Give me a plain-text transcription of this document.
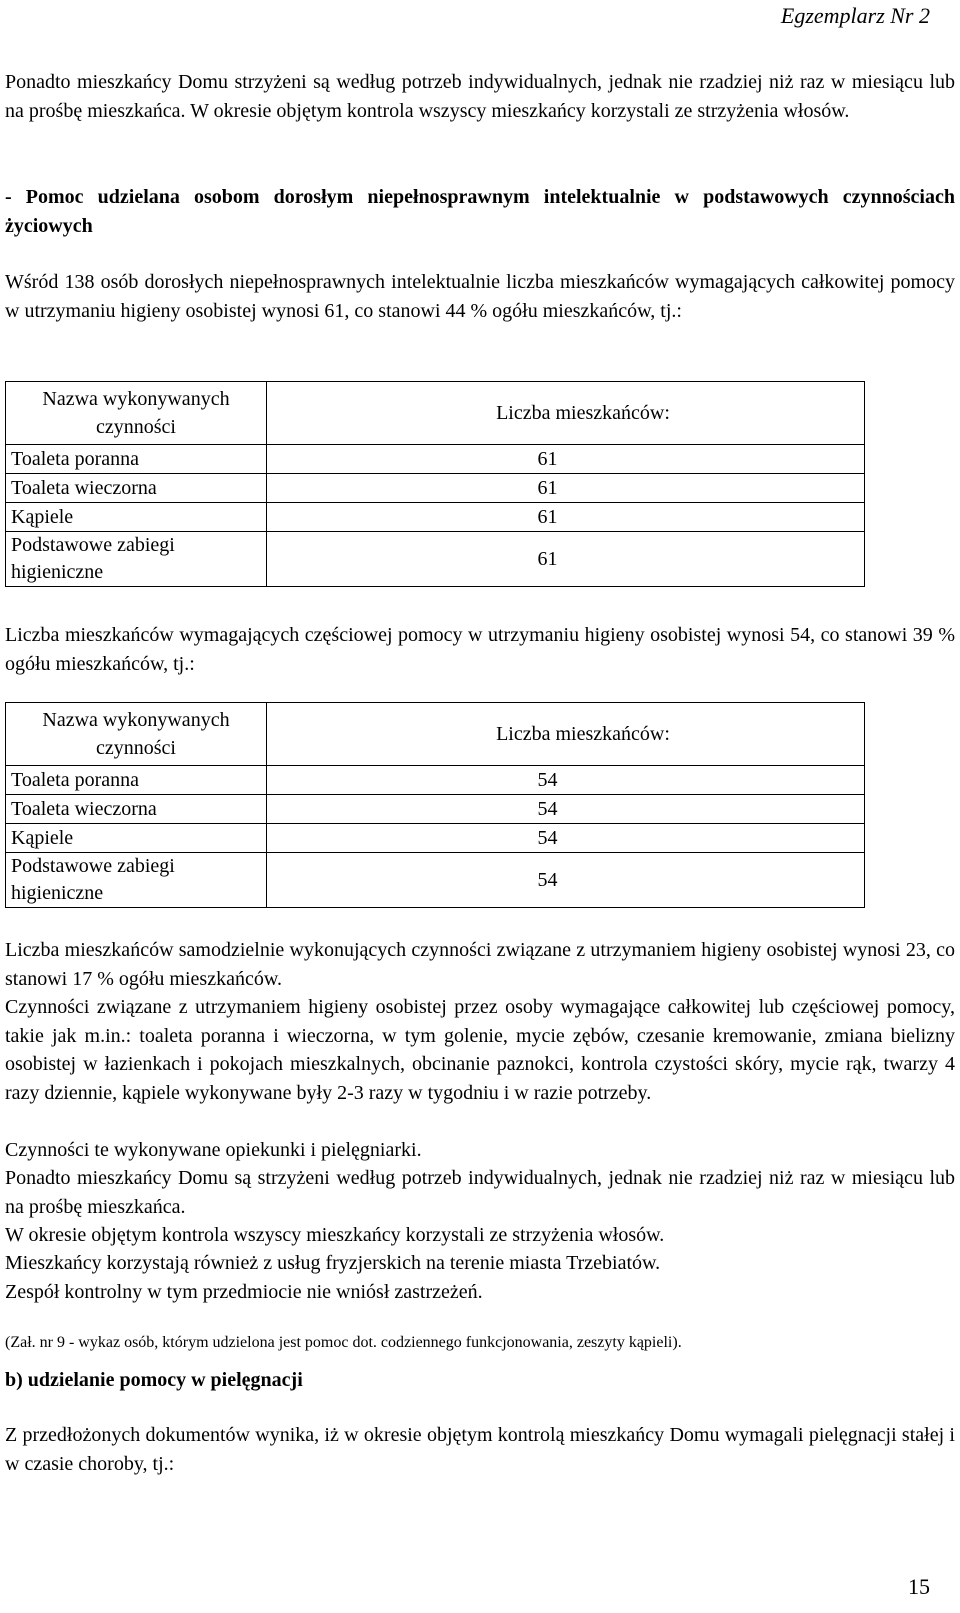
Egzemplarz Nr 2

Ponadto mieszkańcy Domu strzyżeni są według potrzeb indywidualnych, jednak nie rzadziej niż raz w miesiącu lub na prośbę mieszkańca. W okresie objętym kontrola wszyscy mieszkańcy korzystali ze strzyżenia włosów.

- Pomoc udzielana osobom dorosłym niepełnosprawnym intelektualnie w podstawowych czynnościach życiowych

Wśród 138 osób dorosłych niepełnosprawnych intelektualnie liczba mieszkańców wymagających całkowitej pomocy w utrzymaniu higieny osobistej wynosi 61, co stanowi 44 % ogółu mieszkańców, tj.:

Nazwa wykonywanych czynności	Liczba mieszkańców:
Toaleta poranna	61
Toaleta wieczorna	61
Kąpiele	61
Podstawowe zabiegi higieniczne	61

Liczba mieszkańców wymagających częściowej pomocy w utrzymaniu higieny osobistej wynosi 54, co stanowi 39 % ogółu mieszkańców, tj.:

Nazwa wykonywanych czynności	Liczba mieszkańców:
Toaleta poranna	54
Toaleta wieczorna	54
Kąpiele	54
Podstawowe zabiegi higieniczne	54

Liczba mieszkańców samodzielnie wykonujących czynności związane z utrzymaniem higieny osobistej wynosi 23, co stanowi 17 % ogółu mieszkańców.

Czynności związane z utrzymaniem higieny osobistej przez osoby wymagające całkowitej lub częściowej pomocy, takie jak m.in.: toaleta poranna i wieczorna, w tym golenie, mycie zębów, czesanie kremowanie, zmiana bielizny osobistej w łazienkach i pokojach mieszkalnych, obcinanie paznokci, kontrola czystości skóry, mycie rąk, twarzy 4 razy dziennie, kąpiele wykonywane były 2-3 razy w tygodniu i w razie potrzeby.

Czynności te wykonywane opiekunki i pielęgniarki.

Ponadto mieszkańcy Domu są strzyżeni według potrzeb indywidualnych, jednak nie rzadziej niż raz w miesiącu lub na prośbę mieszkańca.

W okresie objętym kontrola wszyscy mieszkańcy korzystali ze strzyżenia włosów.

Mieszkańcy korzystają również z usług fryzjerskich na terenie miasta Trzebiatów.

Zespół kontrolny w tym przedmiocie nie wniósł zastrzeżeń.

(Zał. nr 9 - wykaz osób, którym udzielona jest pomoc dot. codziennego funkcjonowania, zeszyty kąpieli).

b) udzielanie pomocy w pielęgnacji

Z przedłożonych dokumentów wynika, iż w okresie objętym kontrolą mieszkańcy Domu wymagali pielęgnacji stałej i w czasie choroby, tj.:

15
